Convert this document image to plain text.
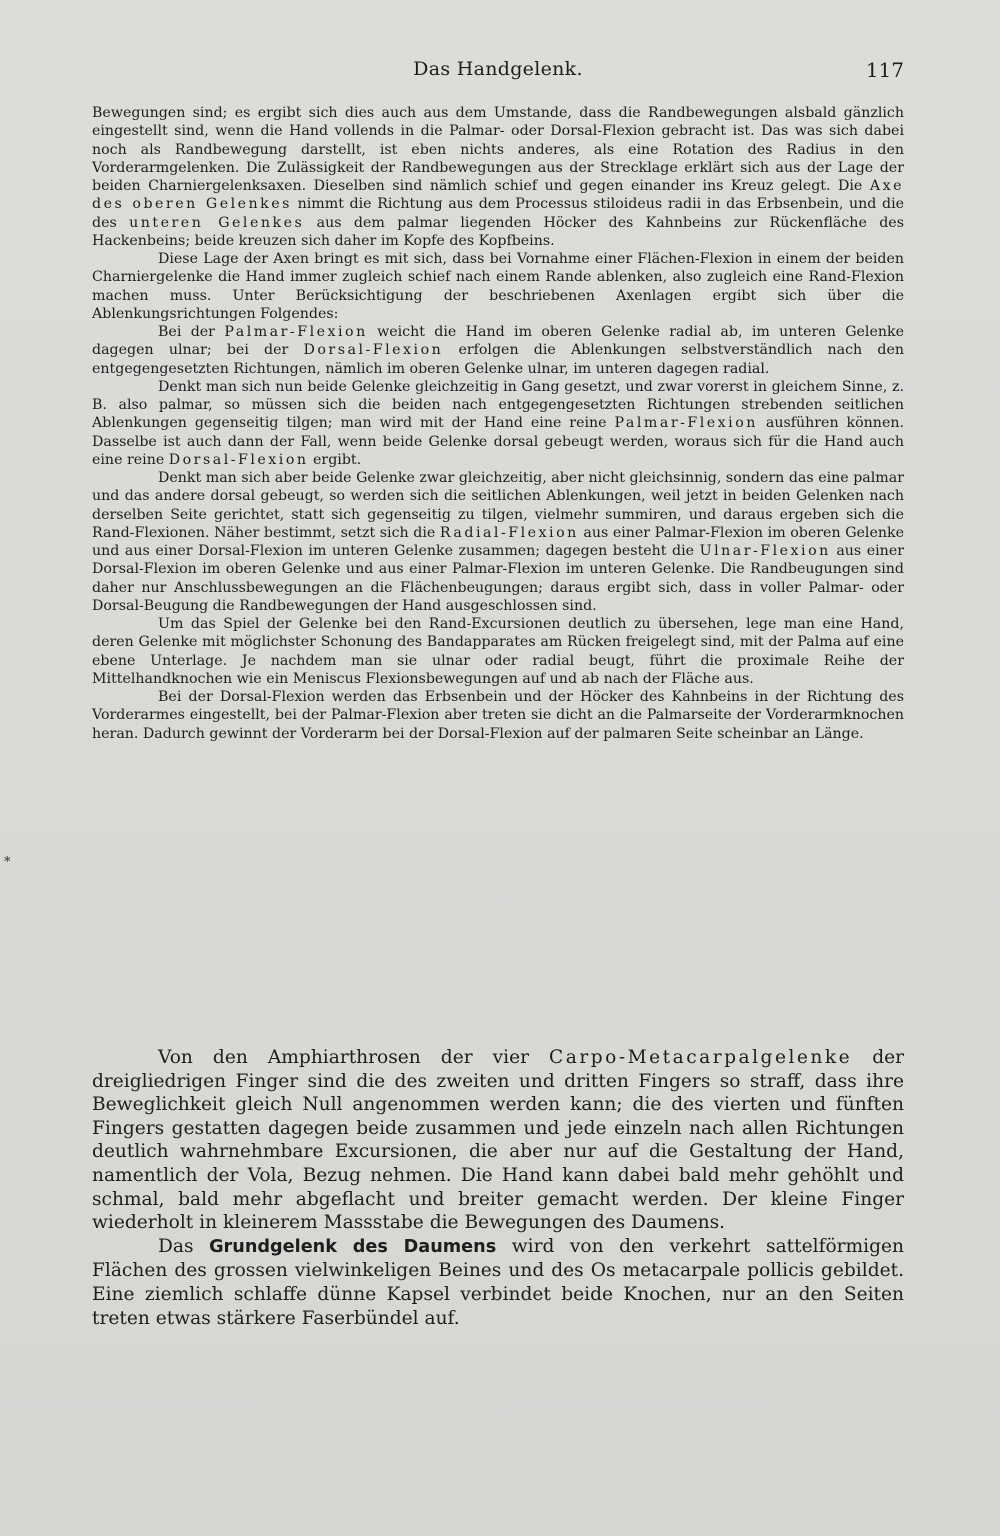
Das Handgelenk.	117
*

Bewegungen sind; es ergibt sich dies auch aus dem Umstande, dass die Randbewegungen alsbald gänzlich eingestellt sind, wenn die Hand vollends in die Palmar- oder Dorsal-Flexion gebracht ist. Das was sich dabei noch als Randbewegung darstellt, ist eben nichts anderes, als eine Rotation des Radius in den Vorderarmgelenken. Die Zulässigkeit der Randbewegungen aus der Strecklage erklärt sich aus der Lage der beiden Charniergelenksaxen. Dieselben sind nämlich schief und gegen einander ins Kreuz gelegt. Die Axe des oberen Gelenkes nimmt die Richtung aus dem Processus stiloideus radii in das Erbsenbein, und die des unteren Gelenkes aus dem palmar liegenden Höcker des Kahnbeins zur Rückenfläche des Hackenbeins; beide kreuzen sich daher im Kopfe des Kopfbeins.

Diese Lage der Axen bringt es mit sich, dass bei Vornahme einer Flächen-Flexion in einem der beiden Charniergelenke die Hand immer zugleich schief nach einem Rande ablenken, also zugleich eine Rand-Flexion machen muss. Unter Berücksichtigung der beschriebenen Axenlagen ergibt sich über die Ablenkungsrichtungen Folgendes:

Bei der Palmar-Flexion weicht die Hand im oberen Gelenke radial ab, im unteren Gelenke dagegen ulnar; bei der Dorsal-Flexion erfolgen die Ablenkungen selbstverständlich nach den entgegengesetzten Richtungen, nämlich im oberen Gelenke ulnar, im unteren dagegen radial.

Denkt man sich nun beide Gelenke gleichzeitig in Gang gesetzt, und zwar vorerst in gleichem Sinne, z. B. also palmar, so müssen sich die beiden nach entgegengesetzten Richtungen strebenden seitlichen Ablenkungen gegenseitig tilgen; man wird mit der Hand eine reine Palmar-Flexion ausführen können. Dasselbe ist auch dann der Fall, wenn beide Gelenke dorsal gebeugt werden, woraus sich für die Hand auch eine reine Dorsal-Flexion ergibt.

Denkt man sich aber beide Gelenke zwar gleichzeitig, aber nicht gleichsinnig, sondern das eine palmar und das andere dorsal gebeugt, so werden sich die seitlichen Ablenkungen, weil jetzt in beiden Gelenken nach derselben Seite gerichtet, statt sich gegenseitig zu tilgen, vielmehr summiren, und daraus ergeben sich die Rand-Flexionen. Näher bestimmt, setzt sich die Radial-Flexion aus einer Palmar-Flexion im oberen Gelenke und aus einer Dorsal-Flexion im unteren Gelenke zusammen; dagegen besteht die Ulnar-Flexion aus einer Dorsal-Flexion im oberen Gelenke und aus einer Palmar-Flexion im unteren Gelenke. Die Randbeugungen sind daher nur Anschlussbewegungen an die Flächenbeugungen; daraus ergibt sich, dass in voller Palmar- oder Dorsal-Beugung die Randbewegungen der Hand ausgeschlossen sind.

Um das Spiel der Gelenke bei den Rand-Excursionen deutlich zu übersehen, lege man eine Hand, deren Gelenke mit möglichster Schonung des Bandapparates am Rücken freigelegt sind, mit der Palma auf eine ebene Unterlage. Je nachdem man sie ulnar oder radial beugt, führt die proximale Reihe der Mittelhandknochen wie ein Meniscus Flexionsbewegungen auf und ab nach der Fläche aus.

Bei der Dorsal-Flexion werden das Erbsenbein und der Höcker des Kahnbeins in der Richtung des Vorderarmes eingestellt, bei der Palmar-Flexion aber treten sie dicht an die Palmarseite der Vorderarmknochen heran. Dadurch gewinnt der Vorderarm bei der Dorsal-Flexion auf der palmaren Seite scheinbar an Länge.

Von den Amphiarthrosen der vier Carpo-Metacarpalgelenke der dreigliedrigen Finger sind die des zweiten und dritten Fingers so straff, dass ihre Beweglichkeit gleich Null angenommen werden kann; die des vierten und fünften Fingers gestatten dagegen beide zusammen und jede einzeln nach allen Richtungen deutlich wahrnehmbare Excursionen, die aber nur auf die Gestaltung der Hand, namentlich der Vola, Bezug nehmen. Die Hand kann dabei bald mehr gehöhlt und schmal, bald mehr abgeflacht und breiter gemacht werden. Der kleine Finger wiederholt in kleinerem Massstabe die Bewegungen des Daumens.

Das Grundgelenk des Daumens wird von den verkehrt sattelförmigen Flächen des grossen vielwinkeligen Beines und des Os metacarpale pollicis gebildet. Eine ziemlich schlaffe dünne Kapsel verbindet beide Knochen, nur an den Seiten treten etwas stärkere Faserbündel auf.
